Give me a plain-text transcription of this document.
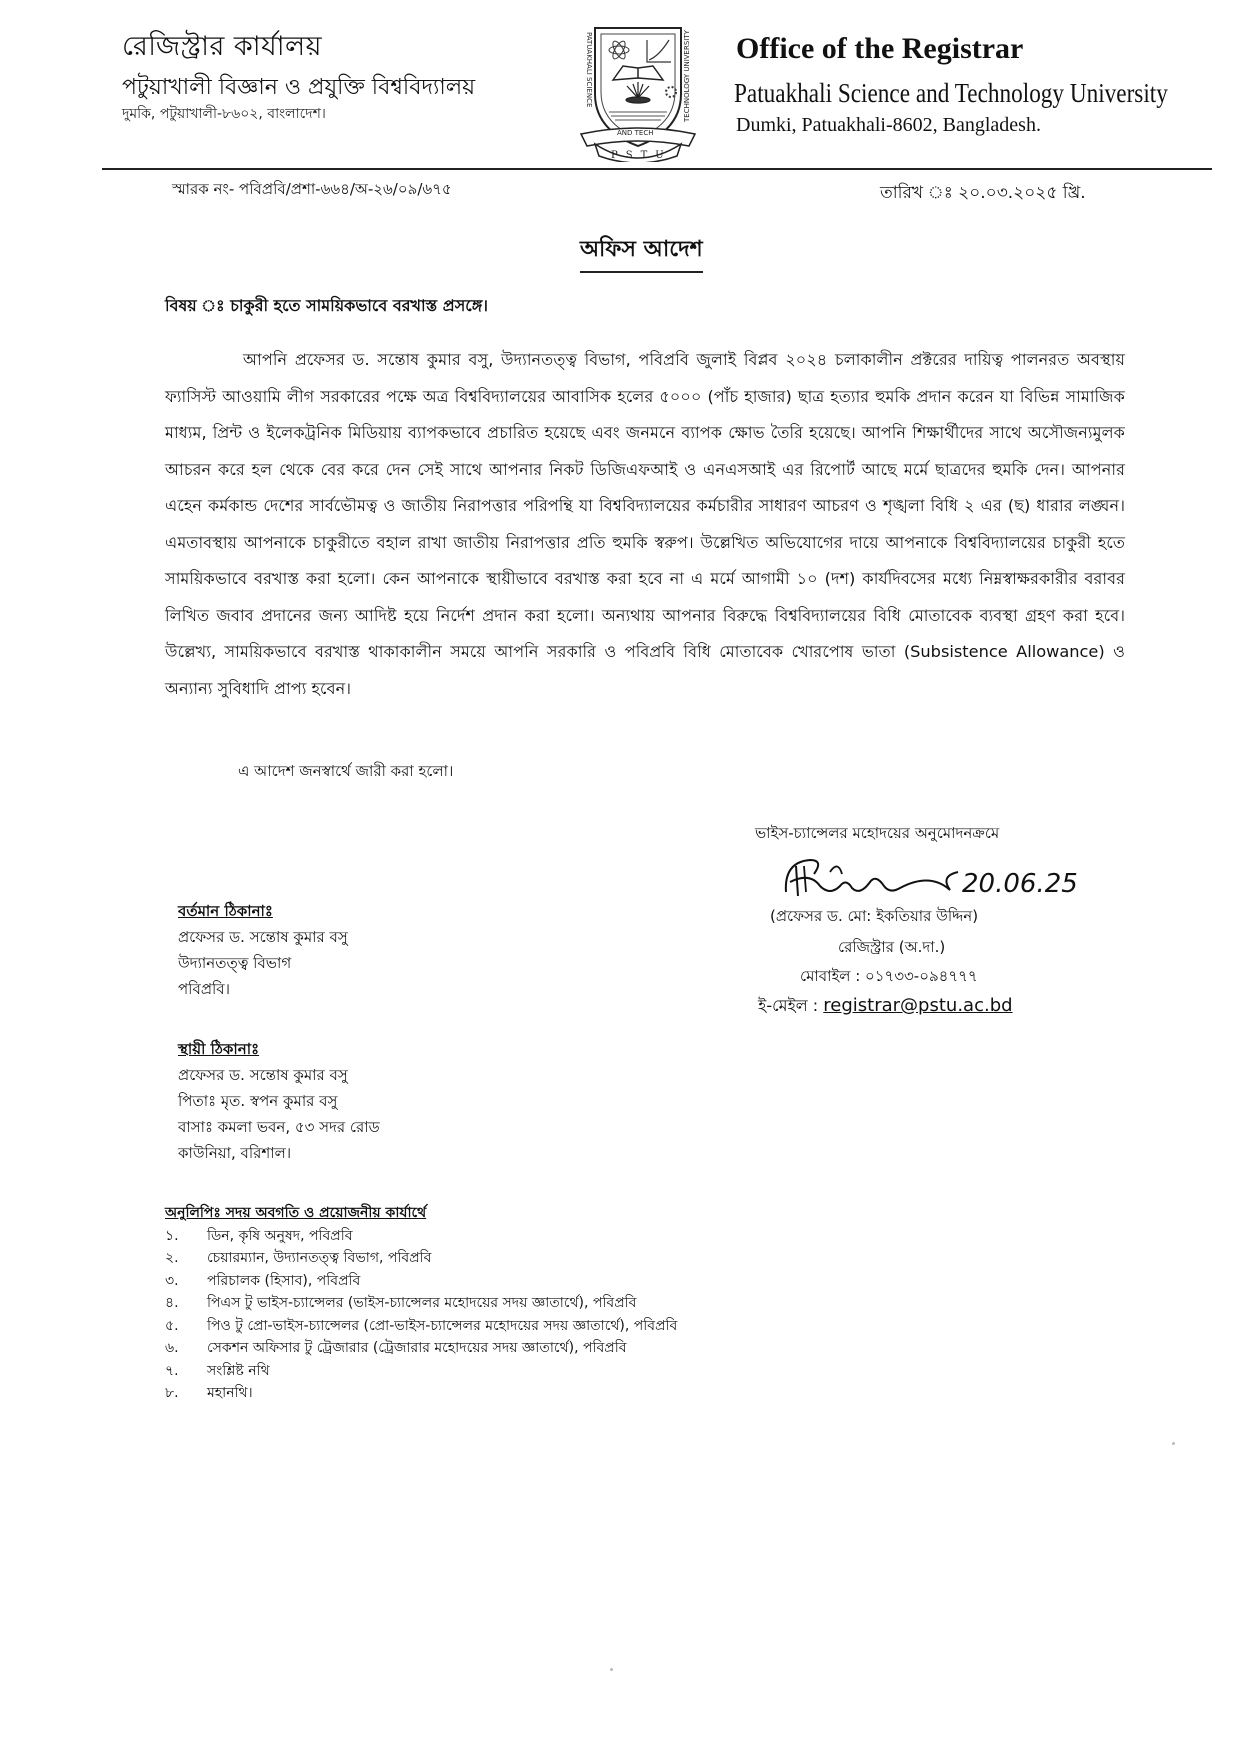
রেজিস্ট্রার কার্যালয়
পটুয়াখালী বিজ্ঞান ও প্রযুক্তি বিশ্ববিদ্যালয়
দুমকি, পটুয়াখালী-৮৬০২, বাংলাদেশ।
PATUAKHALI SCIENCE	TECHNOLOGY UNIVERSITY
AND TECH
PSTU
Office of the Registrar
Patuakhali Science and Technology University
Dumki, Patuakhali-8602, Bangladesh.
স্মারক নং- পবিপ্রবি/প্রশা-৬৬৪/অ-২৬/০৯/৬৭৫	তারিখ ঃ ২০.০৩.২০২৫ খ্রি.
অফিস আদেশ
বিষয় ঃ চাকুরী হতে সাময়িকভাবে বরখাস্ত প্রসঙ্গে।
আপনি প্রফেসর ড. সন্তোষ কুমার বসু, উদ্যানতত্ত্ব বিভাগ, পবিপ্রবি জুলাই বিপ্লব ২০২৪ চলাকালীন প্রক্টরের দায়িত্ব পালনরত অবস্থায় ফ্যাসিস্ট আওয়ামি লীগ সরকারের পক্ষে অত্র বিশ্ববিদ্যালয়ের আবাসিক হলের ৫০০০ (পাঁচ হাজার) ছাত্র হত্যার হুমকি প্রদান করেন যা বিভিন্ন সামাজিক মাধ্যম, প্রিন্ট ও ইলেকট্রনিক মিডিয়ায় ব্যাপকভাবে প্রচারিত হয়েছে এবং জনমনে ব্যাপক ক্ষোভ তৈরি হয়েছে। আপনি শিক্ষার্থীদের সাথে অসৌজন্যমুলক আচরন করে হল থেকে বের করে দেন সেই সাথে আপনার নিকট ডিজিএফআই ও এনএসআই এর রিপোর্ট আছে মর্মে ছাত্রদের হুমকি দেন। আপনার এহেন কর্মকান্ড দেশের সার্বভৌমত্ব ও জাতীয় নিরাপত্তার পরিপন্থি যা বিশ্ববিদ্যালয়ের কর্মচারীর সাধারণ আচরণ ও শৃঙ্খলা বিধি ২ এর (ছ) ধারার লঙ্ঘন। এমতাবস্থায় আপনাকে চাকুরীতে বহাল রাখা জাতীয় নিরাপত্তার প্রতি হুমকি স্বরুপ। উল্লেখিত অভিযোগের দায়ে আপনাকে বিশ্ববিদ্যালয়ের চাকুরী হতে সাময়িকভাবে বরখাস্ত করা হলো। কেন আপনাকে স্থায়ীভাবে বরখাস্ত করা হবে না এ মর্মে আগামী ১০ (দশ) কার্যদিবসের মধ্যে নিম্নস্বাক্ষরকারীর বরাবর লিখিত জবাব প্রদানের জন্য আদিষ্ট হয়ে নির্দেশ প্রদান করা হলো। অন্যথায় আপনার বিরুদ্ধে বিশ্ববিদ্যালয়ের বিধি মোতাবেক ব্যবস্থা গ্রহণ করা হবে। উল্লেখ্য, সাময়িকভাবে বরখাস্ত থাকাকালীন সময়ে আপনি সরকারি ও পবিপ্রবি বিধি মোতাবেক খোরপোষ ভাতা (Subsistence Allowance) ও অন্যান্য সুবিধাদি প্রাপ্য হবেন।
এ আদেশ জনস্বার্থে জারী করা হলো।
ভাইস-চ্যান্সেলর মহোদয়ের অনুমোদনক্রমে
20.06.25
(প্রফেসর ড. মো: ইকতিয়ার উদ্দিন)
রেজিস্ট্রার (অ.দা.)
মোবাইল : ০১৭৩৩-০৯৪৭৭৭
ই-মেইল : registrar@pstu.ac.bd
বর্তমান ঠিকানাঃ
প্রফেসর ড. সন্তোষ কুমার বসু
উদ্যানতত্ত্ব বিভাগ
পবিপ্রবি।
স্থায়ী ঠিকানাঃ
প্রফেসর ড. সন্তোষ কুমার বসু
পিতাঃ মৃত. স্বপন কুমার বসু
বাসাঃ কমলা ভবন, ৫৩ সদর রোড
কাউনিয়া, বরিশাল।
অনুলিপিঃ সদয় অবগতি ও প্রয়োজনীয় কার্যার্থে
১.	ডিন, কৃষি অনুষদ, পবিপ্রবি
২.	চেয়ারম্যান, উদ্যানতত্ত্ব বিভাগ, পবিপ্রবি
৩.	পরিচালক (হিসাব), পবিপ্রবি
৪.	পিএস টু ভাইস-চ্যান্সেলর (ভাইস-চ্যান্সেলর মহোদয়ের সদয় জ্ঞাতার্থে), পবিপ্রবি
৫.	পিও টু প্রো-ভাইস-চ্যান্সেলর (প্রো-ভাইস-চ্যান্সেলর মহোদয়ের সদয় জ্ঞাতার্থে), পবিপ্রবি
৬.	সেকশন অফিসার টু ট্রেজারার (ট্রেজারার মহোদয়ের সদয় জ্ঞাতার্থে), পবিপ্রবি
৭.	সংশ্লিষ্ট নথি
৮.	মহানথি।
